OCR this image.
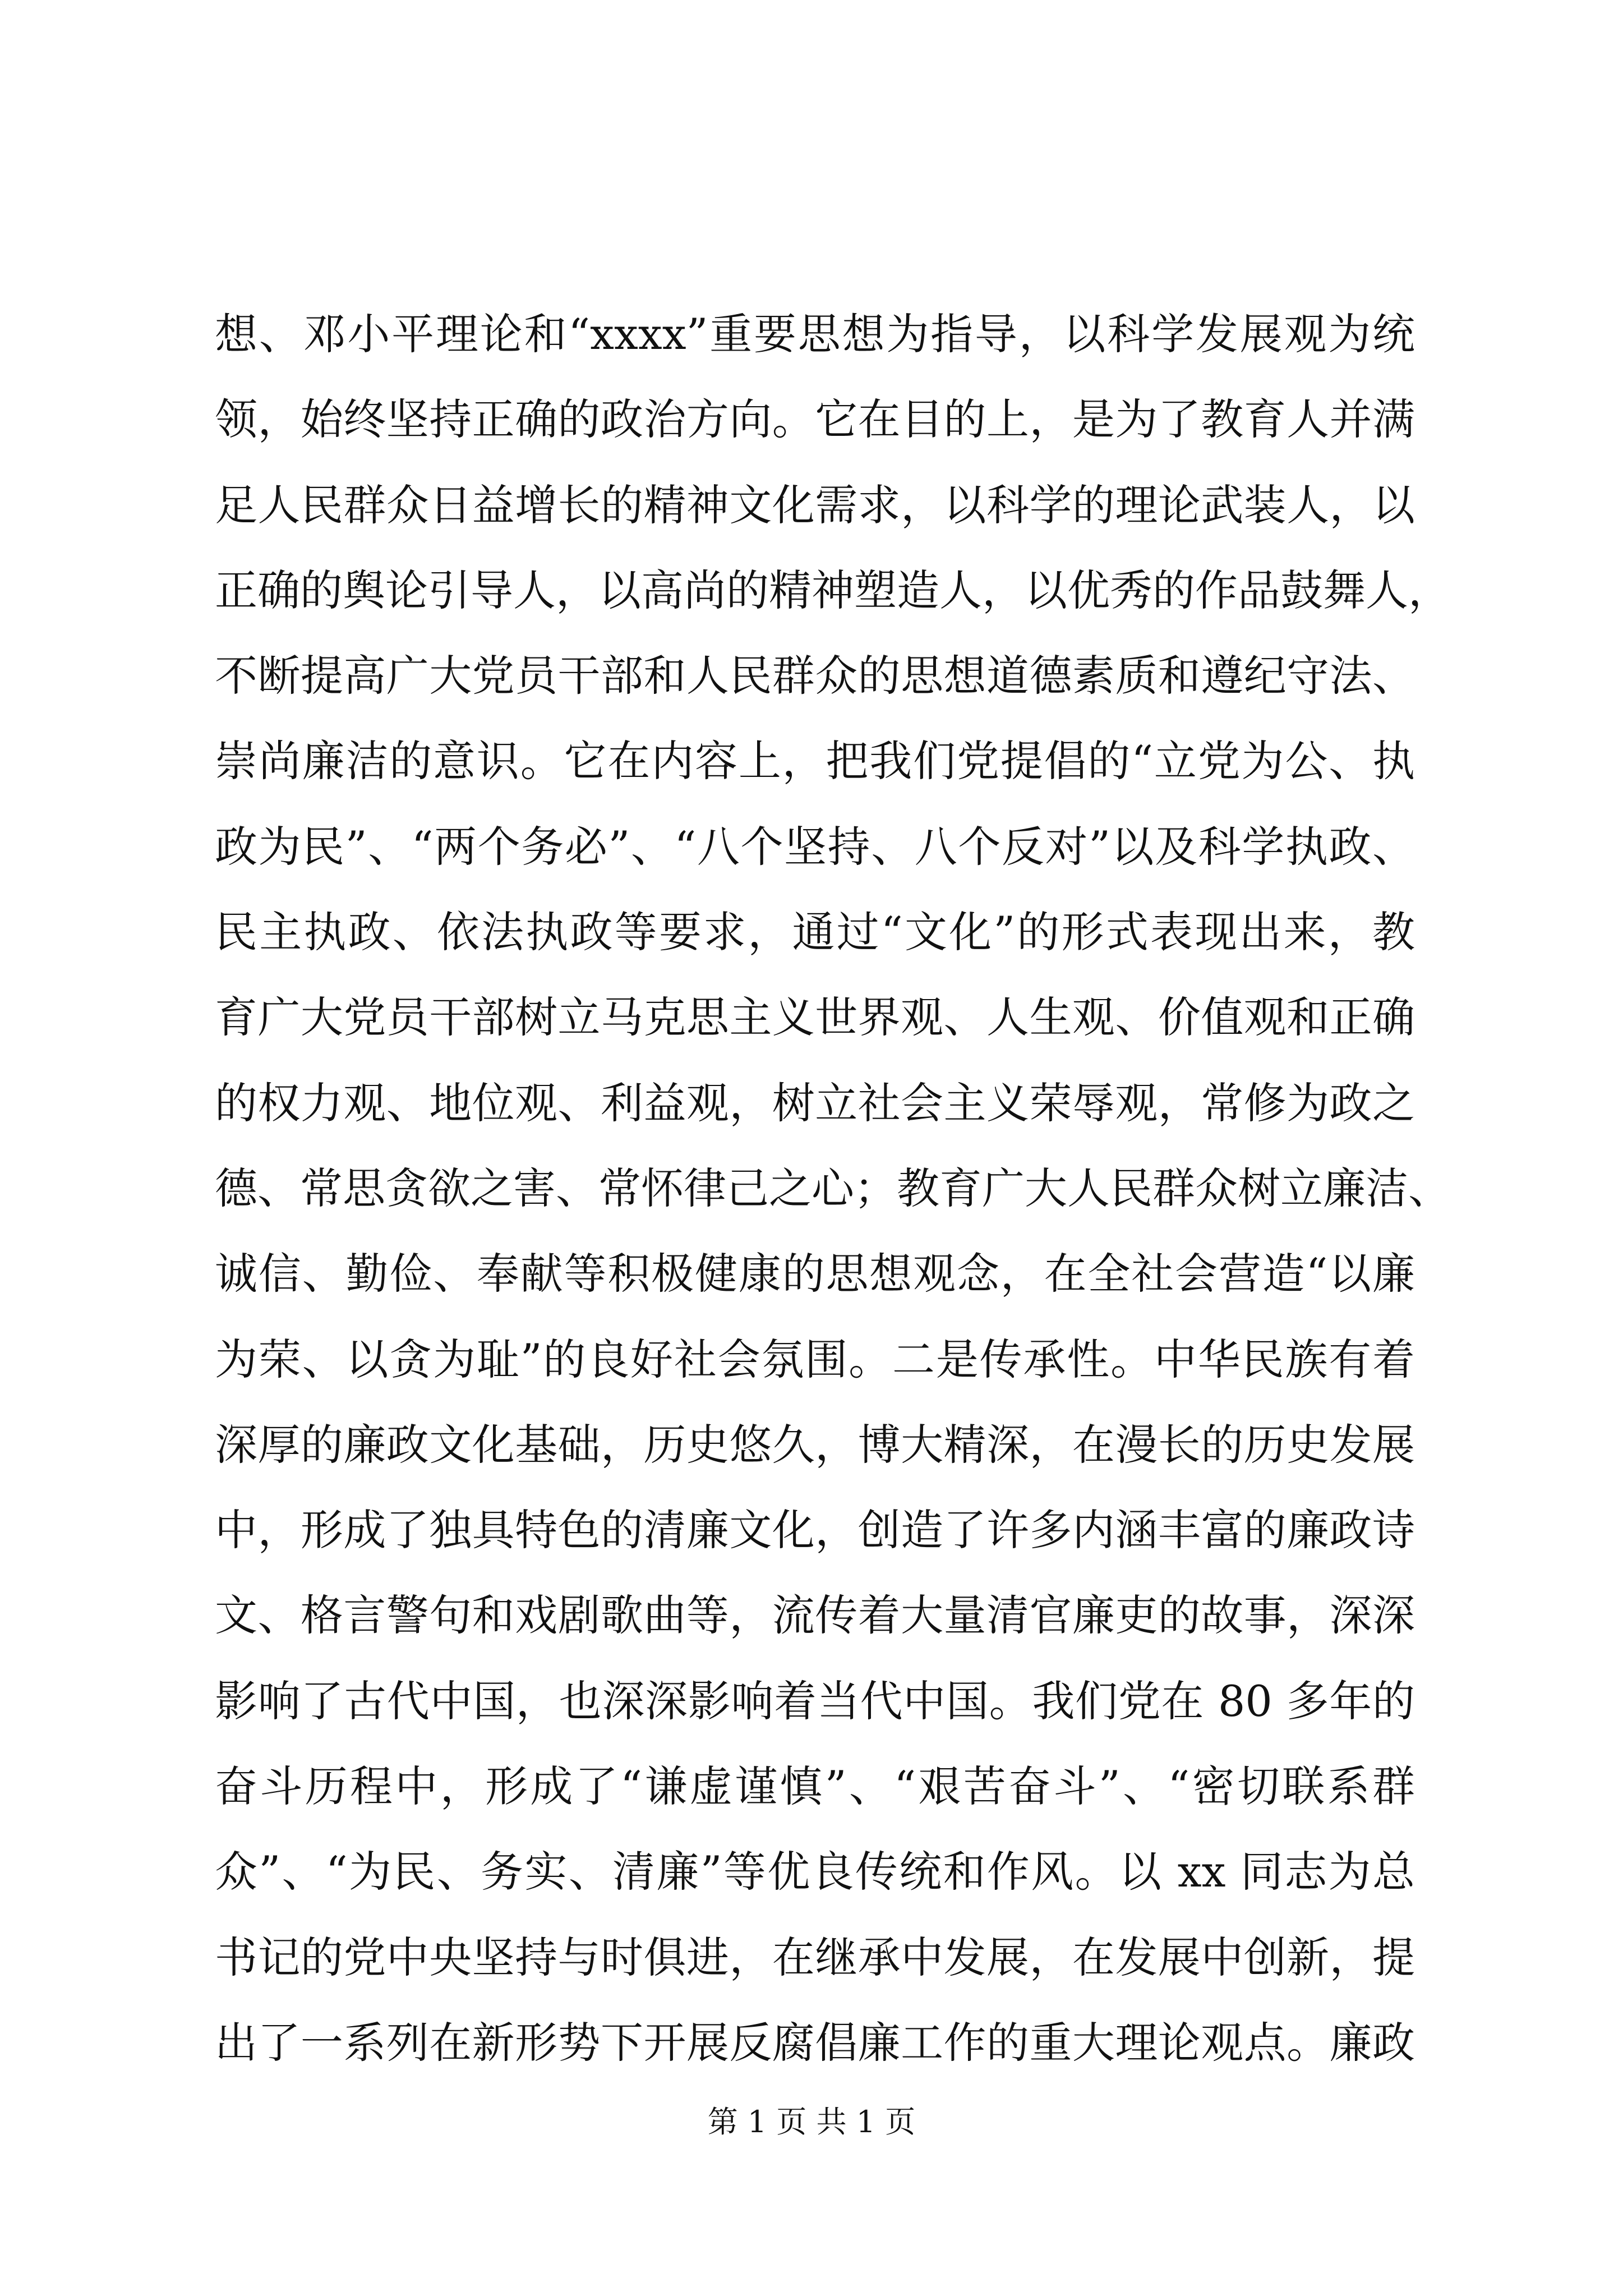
想、邓小平理论和“xxxx”重要思想为指导，以科学发展观为统
领，始终坚持正确的政治方向。它在目的上，是为了教育人并满
足人民群众日益增长的精神文化需求，以科学的理论武装人，以
正确的舆论引导人，以高尚的精神塑造人，以优秀的作品鼓舞人，
不断提高广大党员干部和人民群众的思想道德素质和遵纪守法、
崇尚廉洁的意识。它在内容上，把我们党提倡的“立党为公、执
政为民”、“两个务必”、“八个坚持、八个反对”以及科学执政、
民主执政、依法执政等要求，通过“文化”的形式表现出来，教
育广大党员干部树立马克思主义世界观、人生观、价值观和正确
的权力观、地位观、利益观，树立社会主义荣辱观，常修为政之
德、常思贪欲之害、常怀律己之心；教育广大人民群众树立廉洁、
诚信、勤俭、奉献等积极健康的思想观念，在全社会营造“以廉
为荣、以贪为耻”的良好社会氛围。二是传承性。中华民族有着
深厚的廉政文化基础，历史悠久，博大精深，在漫长的历史发展
中，形成了独具特色的清廉文化，创造了许多内涵丰富的廉政诗
文、格言警句和戏剧歌曲等，流传着大量清官廉吏的故事，深深
影响了古代中国，也深深影响着当代中国。我们党在 80 多年的
奋斗历程中，形成了“谦虚谨慎”、“艰苦奋斗”、“密切联系群
众”、“为民、务实、清廉”等优良传统和作风。以 xx 同志为总
书记的党中央坚持与时俱进，在继承中发展，在发展中创新，提
出了一系列在新形势下开展反腐倡廉工作的重大理论观点。廉政
第 1 页 共 1 页
